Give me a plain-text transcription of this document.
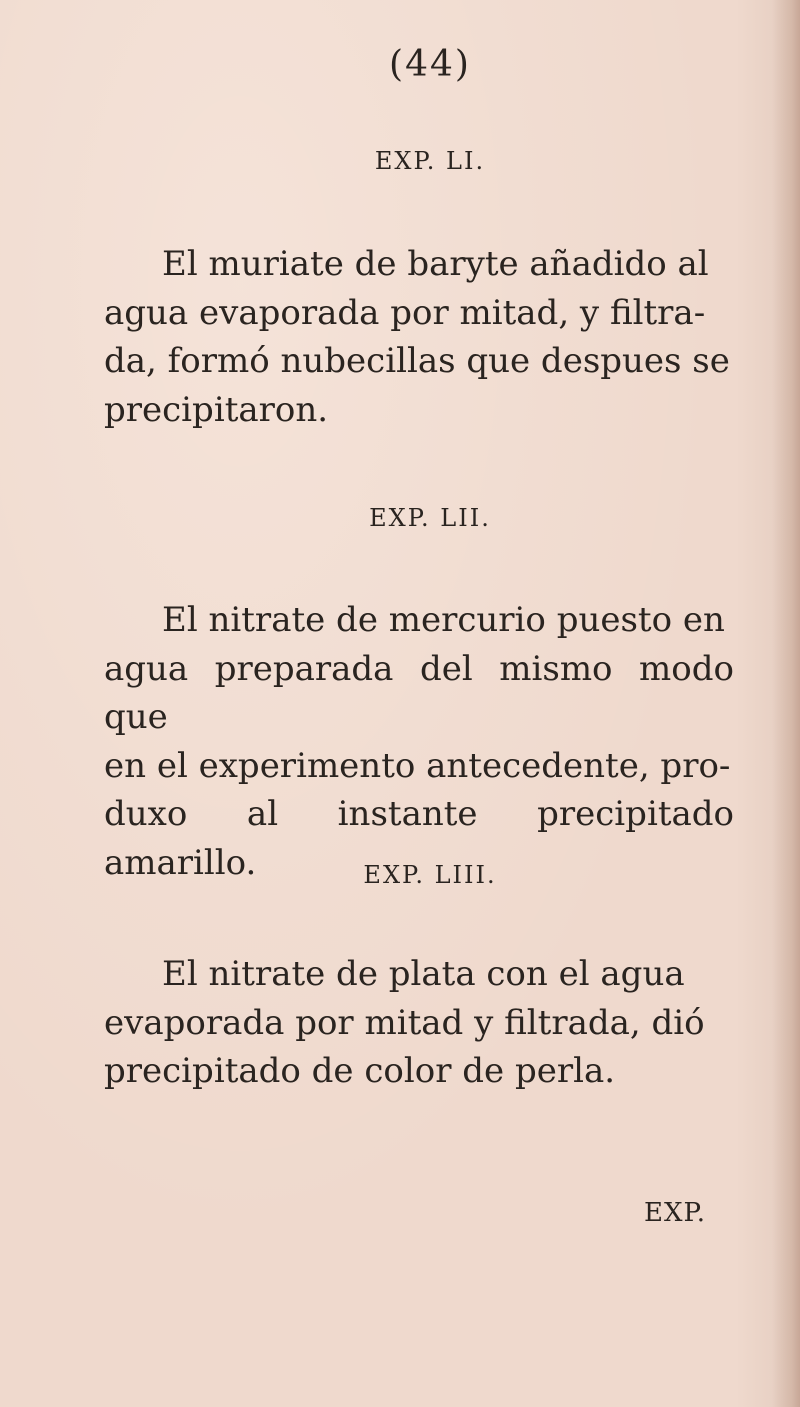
(44)
EXP. LI.
El muriate de baryte añadido al
agua evaporada por mitad, y filtra-
da, formó nubecillas que despues se
precipitaron.
EXP. LII.
El nitrate de mercurio puesto en
agua preparada del mismo modo que
en el experimento antecedente, pro-
duxo al instante precipitado amarillo.	EXP. LIII.
El nitrate de plata con el agua
evaporada por mitad y filtrada, dió
precipitado de color de perla.
EXP.
